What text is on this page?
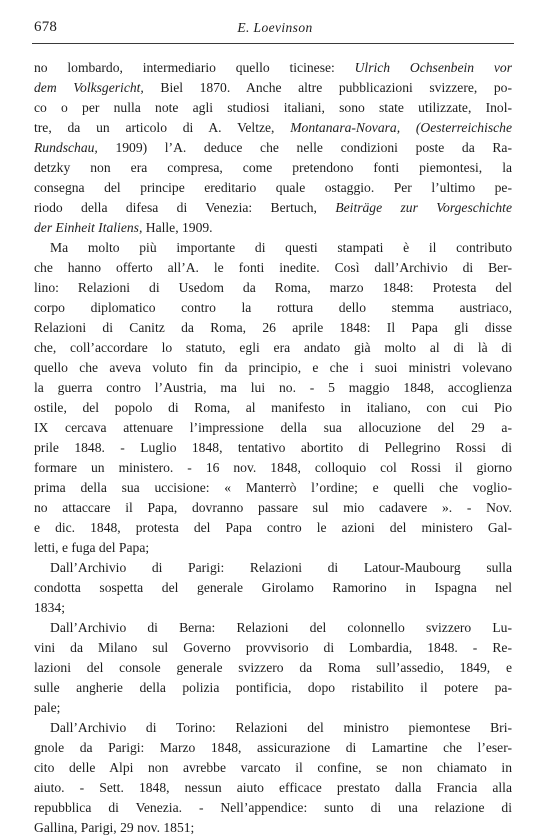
678	E. Loevinson

no lombardo, intermediario quello ticinese: Ulrich Ochsenbein vor
dem Volksgericht, Biel 1870. Anche altre pubblicazioni svizzere, po-
co o per nulla note agli studiosi italiani, sono state utilizzate, Inol-
tre, da un articolo di A. Veltze, Montanara-Novara, (Oesterreichische
Rundschau, 1909) l’A. deduce che nelle condizioni poste da Ra-
detzky non era compresa, come pretendono fonti piemontesi, la
consegna del principe ereditario quale ostaggio. Per l’ultimo pe-
riodo della difesa di Venezia: Bertuch, Beiträge zur Vorgeschichte
der Einheit Italiens, Halle, 1909.

Ma molto più importante di questi stampati è il contributo
che hanno offerto all’A. le fonti inedite. Così dall’Archivio di Ber-
lino: Relazioni di Usedom da Roma, marzo 1848: Protesta del
corpo diplomatico contro la rottura dello stemma austriaco,
Relazioni di Canitz da Roma, 26 aprile 1848: Il Papa gli disse
che, coll’accordare lo statuto, egli era andato già molto al di là di
quello che aveva voluto fin da principio, e che i suoi ministri volevano
la guerra contro l’Austria, ma lui no. - 5 maggio 1848, accoglienza
ostile, del popolo di Roma, al manifesto in italiano, con cui Pio
IX cercava attenuare l’impressione della sua allocuzione del 29 a-
prile 1848. - Luglio 1848, tentativo abortito di Pellegrino Rossi di
formare un ministero. - 16 nov. 1848, colloquio col Rossi il giorno
prima della sua uccisione: « Manterrò l’ordine; e quelli che voglio-
no attaccare il Papa, dovranno passare sul mio cadavere ». - Nov.
e dic. 1848, protesta del Papa contro le azioni del ministero Gal-
letti, e fuga del Papa;

Dall’Archivio di Parigi: Relazioni di Latour-Maubourg sulla
condotta sospetta del generale Girolamo Ramorino in Ispagna nel
1834;

Dall’Archivio di Berna: Relazioni del colonnello svizzero Lu-
vini da Milano sul Governo provvisorio di Lombardia, 1848. - Re-
lazioni del console generale svizzero da Roma sull’assedio, 1849, e
sulle angherie della polizia pontificia, dopo ristabilito il potere pa-
pale;

Dall’Archivio di Torino: Relazioni del ministro piemontese Bri-
gnole da Parigi: Marzo 1848, assicurazione di Lamartine che l’eser-
cito delle Alpi non avrebbe varcato il confine, se non chiamato in
aiuto. - Sett. 1848, nessun aiuto efficace prestato dalla Francia alla
repubblica di Venezia. - Nell’appendice: sunto di una relazione di
Gallina, Parigi, 29 nov. 1851;
